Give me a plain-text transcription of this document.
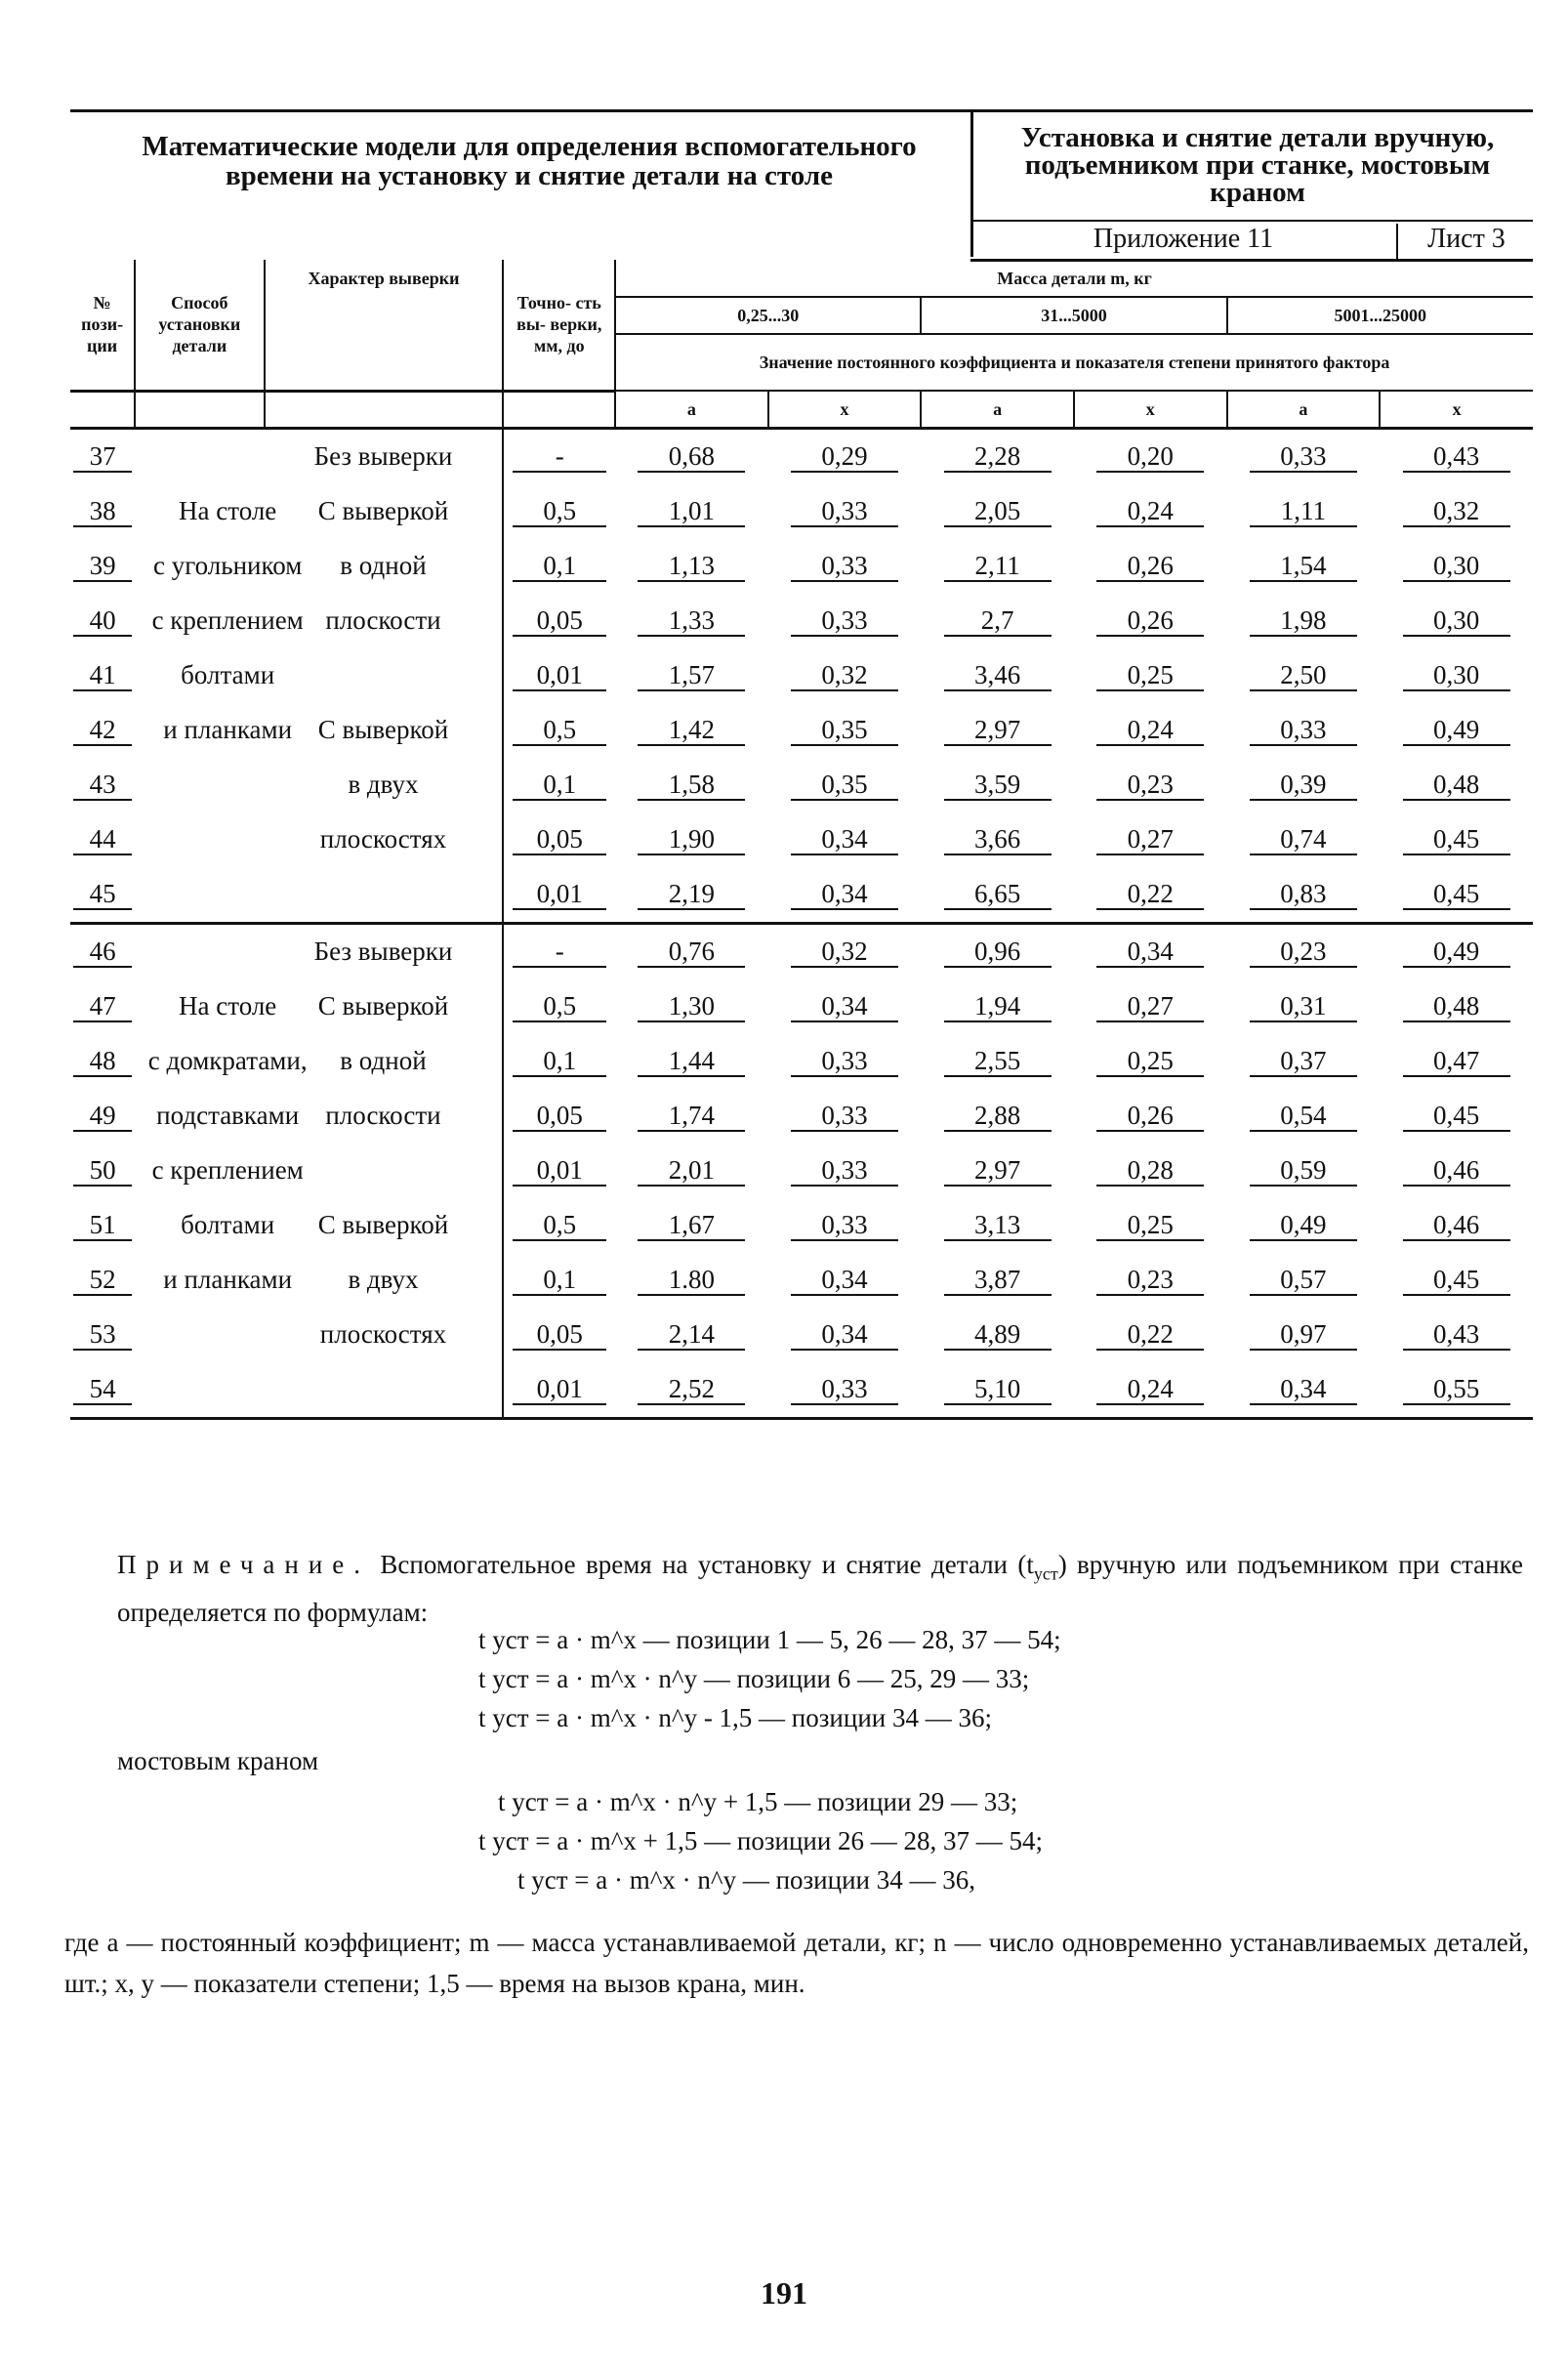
Математические модели для определения вспомогательного времени на установку и снятие детали на столе
Установка и снятие детали вручную, подъемником при станке, мостовым краном
Приложение 11	Лист 3
№ пози- ции	Способ установки детали	Характер выверки	Точно- сть вы- верки, мм, до	Масса детали m, кг					
				0,25...30		31...5000		5001...25000	
				Значение постоянного коэффициента и показателя степени принятого фактора					
				a	x	a	x	a	x
37		Без выверки	-	0,68	0,29	2,28	0,20	0,33	0,43
38	На столе	С выверкой	0,5	1,01	0,33	2,05	0,24	1,11	0,32
39	с угольником	в одной	0,1	1,13	0,33	2,11	0,26	1,54	0,30
40	с креплением	плоскости	0,05	1,33	0,33	2,7	0,26	1,98	0,30
41	болтами		0,01	1,57	0,32	3,46	0,25	2,50	0,30
42	и планками	С выверкой	0,5	1,42	0,35	2,97	0,24	0,33	0,49
43		в двух	0,1	1,58	0,35	3,59	0,23	0,39	0,48
44		плоскостях	0,05	1,90	0,34	3,66	0,27	0,74	0,45
45			0,01	2,19	0,34	6,65	0,22	0,83	0,45
46		Без выверки	-	0,76	0,32	0,96	0,34	0,23	0,49
47	На столе	С выверкой	0,5	1,30	0,34	1,94	0,27	0,31	0,48
48	с домкратами,	в одной	0,1	1,44	0,33	2,55	0,25	0,37	0,47
49	подставками	плоскости	0,05	1,74	0,33	2,88	0,26	0,54	0,45
50	с креплением		0,01	2,01	0,33	2,97	0,28	0,59	0,46
51	болтами	С выверкой	0,5	1,67	0,33	3,13	0,25	0,49	0,46
52	и планками	в двух	0,1	1.80	0,34	3,87	0,23	0,57	0,45
53		плоскостях	0,05	2,14	0,34	4,89	0,22	0,97	0,43
54			0,01	2,52	0,33	5,10	0,24	0,34	0,55
Примечание. Вспомогательное время на установку и снятие детали $(t_{уст})$ вручную или подъемником при станке определяется по формулам:
t уст = a · m^x — позиции 1 — 5, 26 — 28, 37 — 54;
t уст = a · m^x · n^y — позиции 6 — 25, 29 — 33;
t уст = a · m^x · n^y - 1,5 — позиции 34 — 36;
мостовым краном
t уст = a · m^x · n^y + 1,5 — позиции 29 — 33;
t уст = a · m^x + 1,5 — позиции 26 — 28, 37 — 54;
t уст = a · m^x · n^y — позиции 34 — 36,
где a — постоянный коэффициент; m — масса устанавливаемой детали, кг; n — число одновременно устанавливаемых деталей, шт.; x, y — показатели степени; 1,5 — время на вызов крана, мин.
191
